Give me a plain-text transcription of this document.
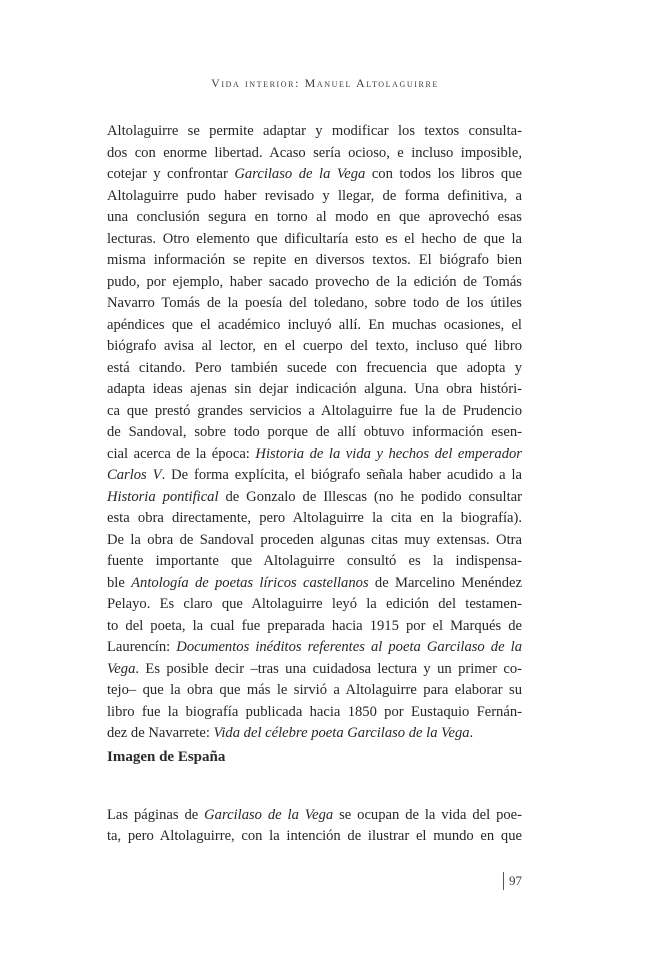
Vida interior: Manuel Altolaguirre

Altolaguirre se permite adaptar y modificar los textos consulta-
dos con enorme libertad. Acaso sería ocioso, e incluso imposible,
cotejar y confrontar Garcilaso de la Vega con todos los libros que
Altolaguirre pudo haber revisado y llegar, de forma definitiva, a
una conclusión segura en torno al modo en que aprovechó esas
lecturas. Otro elemento que dificultaría esto es el hecho de que la
misma información se repite en diversos textos. El biógrafo bien
pudo, por ejemplo, haber sacado provecho de la edición de Tomás
Navarro Tomás de la poesía del toledano, sobre todo de los útiles
apéndices que el académico incluyó allí. En muchas ocasiones, el
biógrafo avisa al lector, en el cuerpo del texto, incluso qué libro
está citando. Pero también sucede con frecuencia que adopta y
adapta ideas ajenas sin dejar indicación alguna. Una obra históri-
ca que prestó grandes servicios a Altolaguirre fue la de Prudencio
de Sandoval, sobre todo porque de allí obtuvo información esen-
cial acerca de la época: Historia de la vida y hechos del emperador
Carlos V. De forma explícita, el biógrafo señala haber acudido a la
Historia pontifical de Gonzalo de Illescas (no he podido consultar
esta obra directamente, pero Altolaguirre la cita en la biografía).
De la obra de Sandoval proceden algunas citas muy extensas. Otra
fuente importante que Altolaguirre consultó es la indispensa-
ble Antología de poetas líricos castellanos de Marcelino Menéndez
Pelayo. Es claro que Altolaguirre leyó la edición del testamen-
to del poeta, la cual fue preparada hacia 1915 por el Marqués de
Laurencín: Documentos inéditos referentes al poeta Garcilaso de la
Vega. Es posible decir –tras una cuidadosa lectura y un primer co-
tejo– que la obra que más le sirvió a Altolaguirre para elaborar su
libro fue la biografía publicada hacia 1850 por Eustaquio Fernán-
dez de Navarrete: Vida del célebre poeta Garcilaso de la Vega.

Imagen de España

Las páginas de Garcilaso de la Vega se ocupan de la vida del poe-
ta, pero Altolaguirre, con la intención de ilustrar el mundo en que

97
